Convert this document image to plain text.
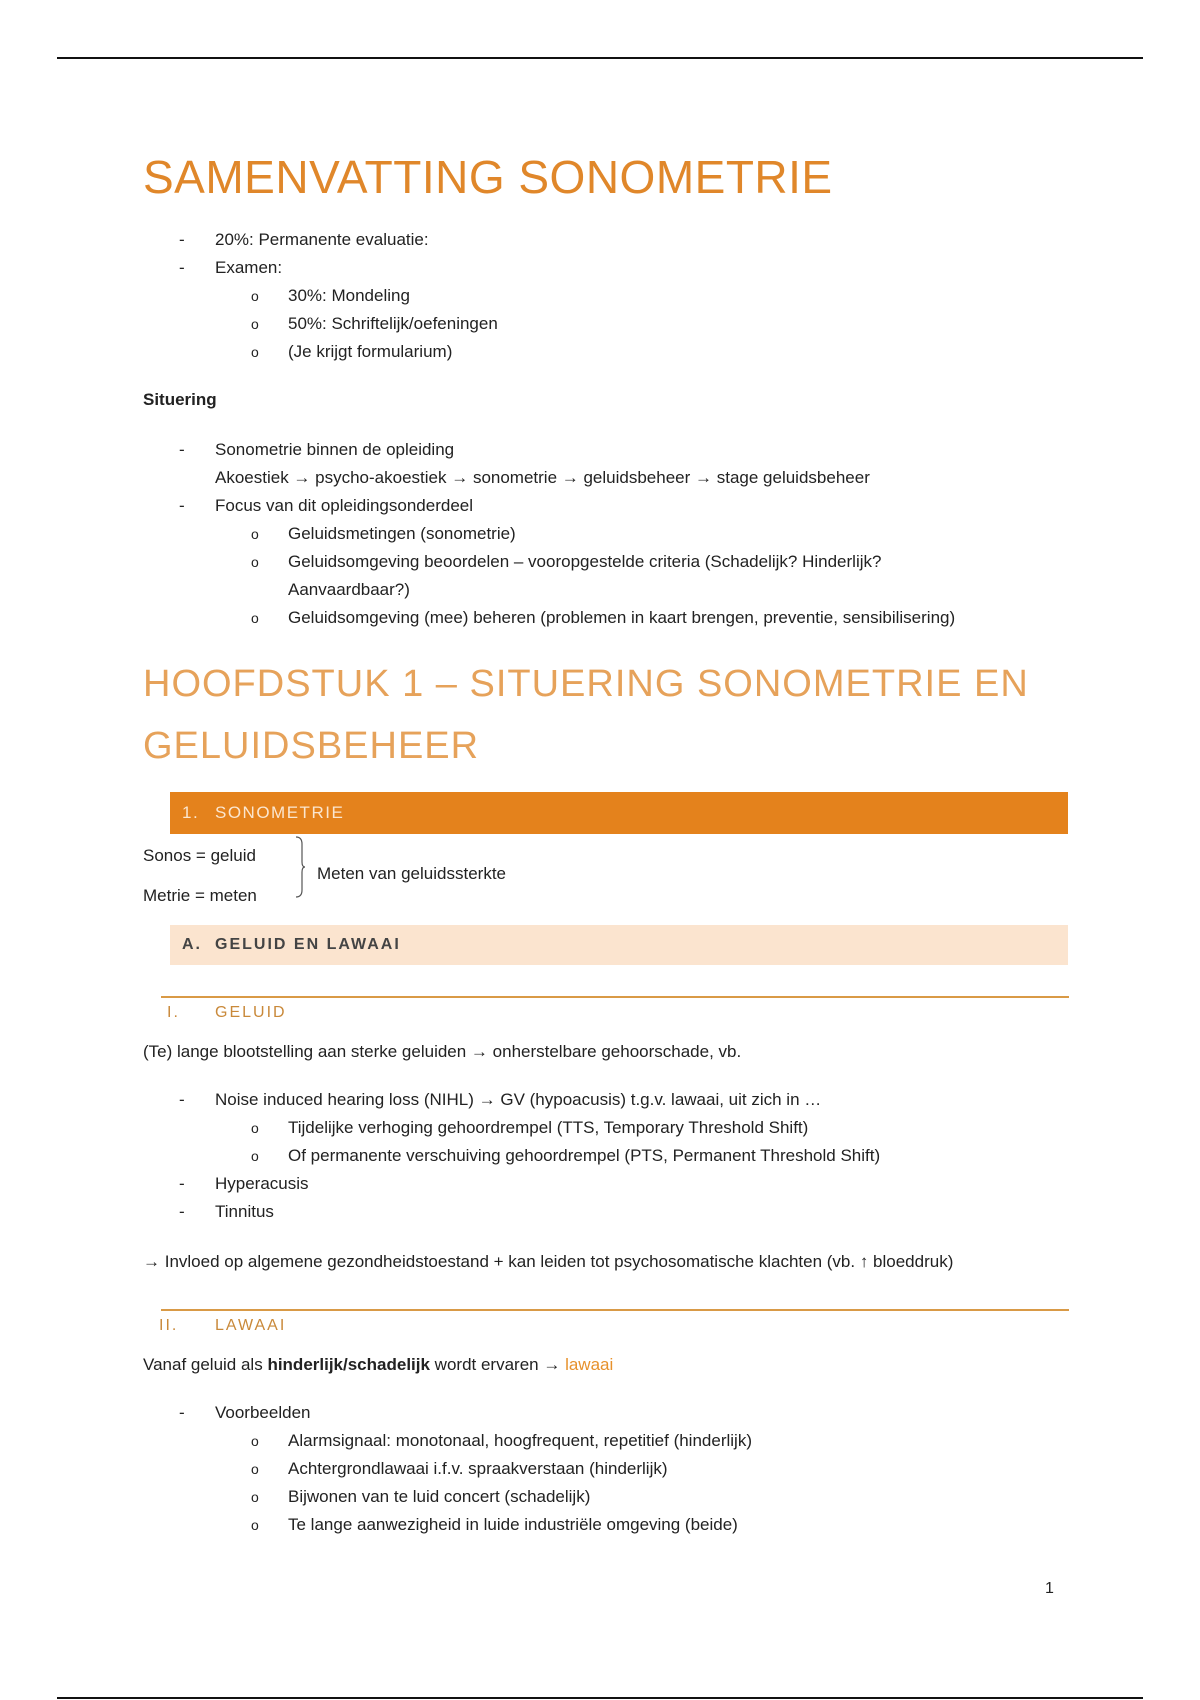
SAMENVATTING SONOMETRIE
- 20%: Permanente evaluatie:
- Examen:
o 30%: Mondeling
o 50%: Schriftelijk/oefeningen
o (Je krijgt formularium)
Situering
- Sonometrie binnen de opleiding
Akoestiek → psycho-akoestiek → sonometrie → geluidsbeheer → stage geluidsbeheer
- Focus van dit opleidingsonderdeel
o Geluidsmetingen (sonometrie)
o Geluidsomgeving beoordelen – vooropgestelde criteria (Schadelijk? Hinderlijk?
Aanvaardbaar?)
o Geluidsomgeving (mee) beheren (problemen in kaart brengen, preventie, sensibilisering)
HOOFDSTUK 1 – SITUERING SONOMETRIE EN
GELUIDSBEHEER
1. SONOMETRIE
Sonos = geluid
Metrie = meten
Meten van geluidssterkte
A. GELUID EN LAWAAI
I. GELUID
(Te) lange blootstelling aan sterke geluiden → onherstelbare gehoorschade, vb.
- Noise induced hearing loss (NIHL) → GV (hypoacusis) t.g.v. lawaai, uit zich in …
o Tijdelijke verhoging gehoordrempel (TTS, Temporary Threshold Shift)
o Of permanente verschuiving gehoordrempel (PTS, Permanent Threshold Shift)
- Hyperacusis
- Tinnitus
→ Invloed op algemene gezondheidstoestand + kan leiden tot psychosomatische klachten (vb. ↑ bloeddruk)
II. LAWAAI
Vanaf geluid als hinderlijk/schadelijk wordt ervaren → lawaai
- Voorbeelden
o Alarmsignaal: monotonaal, hoogfrequent, repetitief (hinderlijk)
o Achtergrondlawaai i.f.v. spraakverstaan (hinderlijk)
o Bijwonen van te luid concert (schadelijk)
o Te lange aanwezigheid in luide industriële omgeving (beide)
1
